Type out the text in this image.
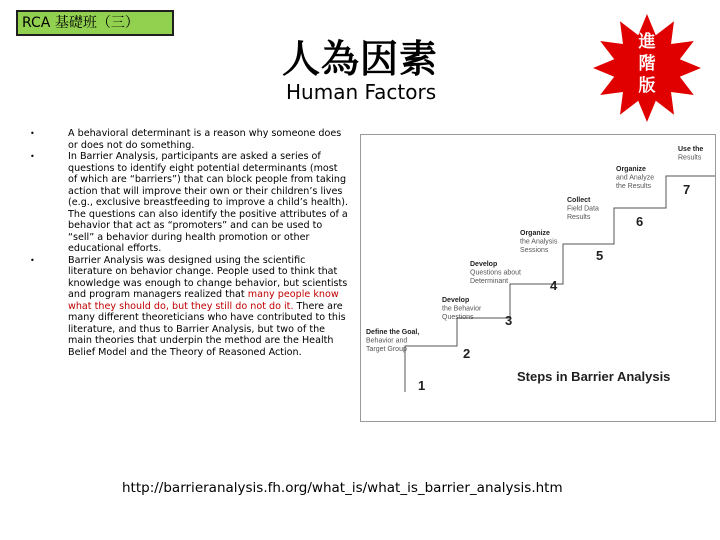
RCA 基礎班（三）
人為因素
Human Factors
進
階
版
• A behavioral determinant is a reason why someone does or does not do something.
• In Barrier Analysis, participants are asked a series of questions to identify eight potential determinants (most of which are “barriers”) that can block people from taking action that will improve their own or their children’s lives (e.g., exclusive breastfeeding to improve a child’s health). The questions can also identify the positive attributes of a behavior that act as “promoters” and can be used to “sell” a behavior during health promotion or other educational efforts.
• Barrier Analysis was designed using the scientific literature on behavior change. People used to think that knowledge was enough to change behavior, but scientists and program managers realized that many people know what they should do, but they still do not do it. There are many different theoreticians who have contributed to this literature, and thus to Barrier Analysis, but two of the main theories that underpin the method are the Health Belief Model and the Theory of Reasoned Action.
Steps in Barrier Analysis
Define the Goal,
Behavior and
Target Group
1
Develop
the Behavior
Questions
2
Develop
Questions about
Determinant
3
Organize
the Analysis
Sessions
4
Collect
Field Data
Results
5
Organize
and Analyze
the Results
6
Use the
Results
7
http://barrieranalysis.fh.org/what_is/what_is_barrier_analysis.htm
